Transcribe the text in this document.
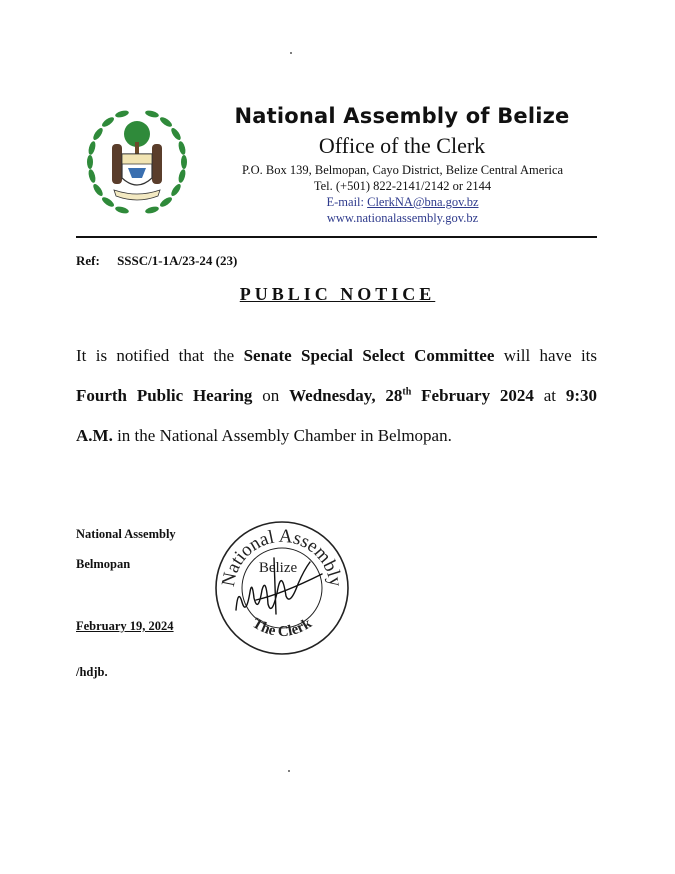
National Assembly of Belize
Office of the Clerk
P.O. Box 139, Belmopan, Cayo District, Belize Central America
Tel. (+501) 822-2141/2142 or 2144
E-mail: ClerkNA@bna.gov.bz
www.nationalassembly.gov.bz
Ref: SSSC/1-1A/23-24 (23)
PUBLIC NOTICE
It is notified that the Senate Special Select Committee will have its
Fourth Public Hearing on Wednesday, 28th February 2024 at 9:30
A.M. in the National Assembly Chamber in Belmopan.
National Assembly
Belmopan
February 19, 2024
/hdjb.
National Assembly
Belize
The Clerk
